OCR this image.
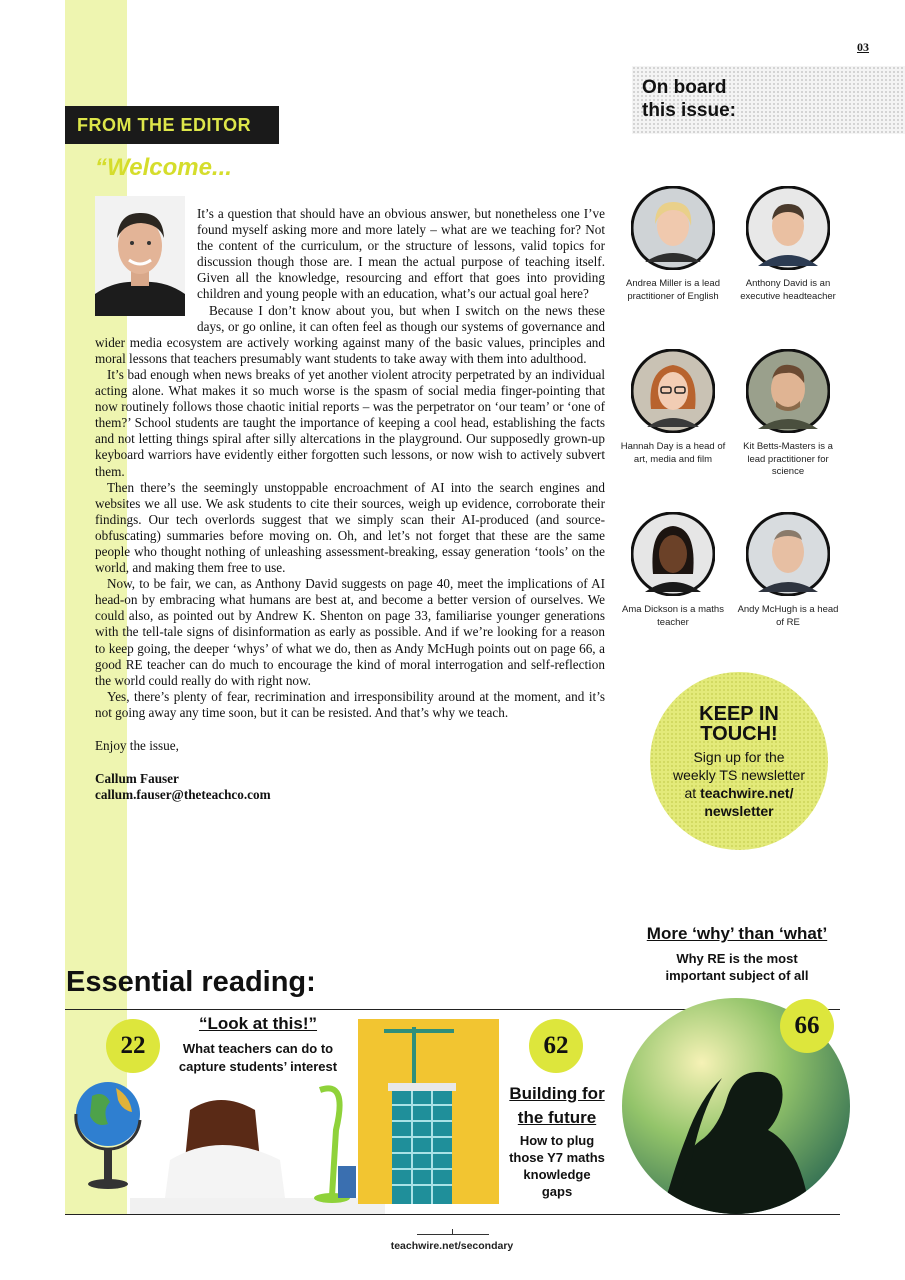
03
On board
this issue:
FROM THE EDITOR
“Welcome...

It’s a question that should have an obvious answer, but nonetheless one I’ve found myself asking more and more lately – what are we teaching for? Not the content of the curriculum, or the structure of lessons, valid topics for discussion though those are. I mean the actual purpose of teaching itself. Given all the knowledge, resourcing and effort that goes into providing children and young people with an education, what’s our actual goal here?

Because I don’t know about you, but when I switch on the news these days, or go online, it can often feel as though our systems of governance and wider media ecosystem are actively working against many of the basic values, principles and moral lessons that teachers presumably want students to take away with them into adulthood.

It’s bad enough when news breaks of yet another violent atrocity perpetrated by an individual acting alone. What makes it so much worse is the spasm of social media finger-pointing that now routinely follows those chaotic initial reports – was the perpetrator on ‘our team’ or ‘one of them?’ School students are taught the importance of keeping a cool head, establishing the facts and not letting things spiral after silly altercations in the playground. Our supposedly grown-up keyboard warriors have evidently either forgotten such lessons, or now wish to actively subvert them.

Then there’s the seemingly unstoppable encroachment of AI into the search engines and websites we all use. We ask students to cite their sources, weigh up evidence, corroborate their findings. Our tech overlords suggest that we simply scan their AI-produced (and source-obfuscating) summaries before moving on. Oh, and let’s not forget that these are the same people who thought nothing of unleashing assessment-breaking, essay generation ‘tools’ on the world, and making them free to use.

Now, to be fair, we can, as Anthony David suggests on page 40, meet the implications of AI head-on by embracing what humans are best at, and become a better version of ourselves. We could also, as pointed out by Andrew K. Shenton on page 33, familiarise younger generations with the tell-tale signs of disinformation as early as possible. And if we’re looking for a reason to keep going, the deeper ‘whys’ of what we do, then as Andy McHugh points out on page 66, a good RE teacher can do much to encourage the kind of moral interrogation and self-reflection the world could really do with right now.

Yes, there’s plenty of fear, recrimination and irresponsibility around at the moment, and it’s not going away any time soon, but it can be resisted. And that’s why we teach.

Enjoy the issue,

Callum Fauser

callum.fauser@theteachco.com

Andrea Miller is a lead practitioner of English
Anthony David is an executive headteacher
Hannah Day is a head of art, media and film
Kit Betts-Masters is a lead practitioner for science
Ama Dickson is a maths teacher
Andy McHugh is a head of RE
KEEP IN
TOUCH!
Sign up for the
weekly TS newsletter
at teachwire.net/
newsletter
More ‘why’ than ‘what’
Why RE is the most
important subject of all
Essential reading:
22
“Look at this!”
What teachers can do to
capture students’ interest
62
Building for
the future
How to plug
those Y7 maths
knowledge
gaps
66
teachwire.net/secondary
